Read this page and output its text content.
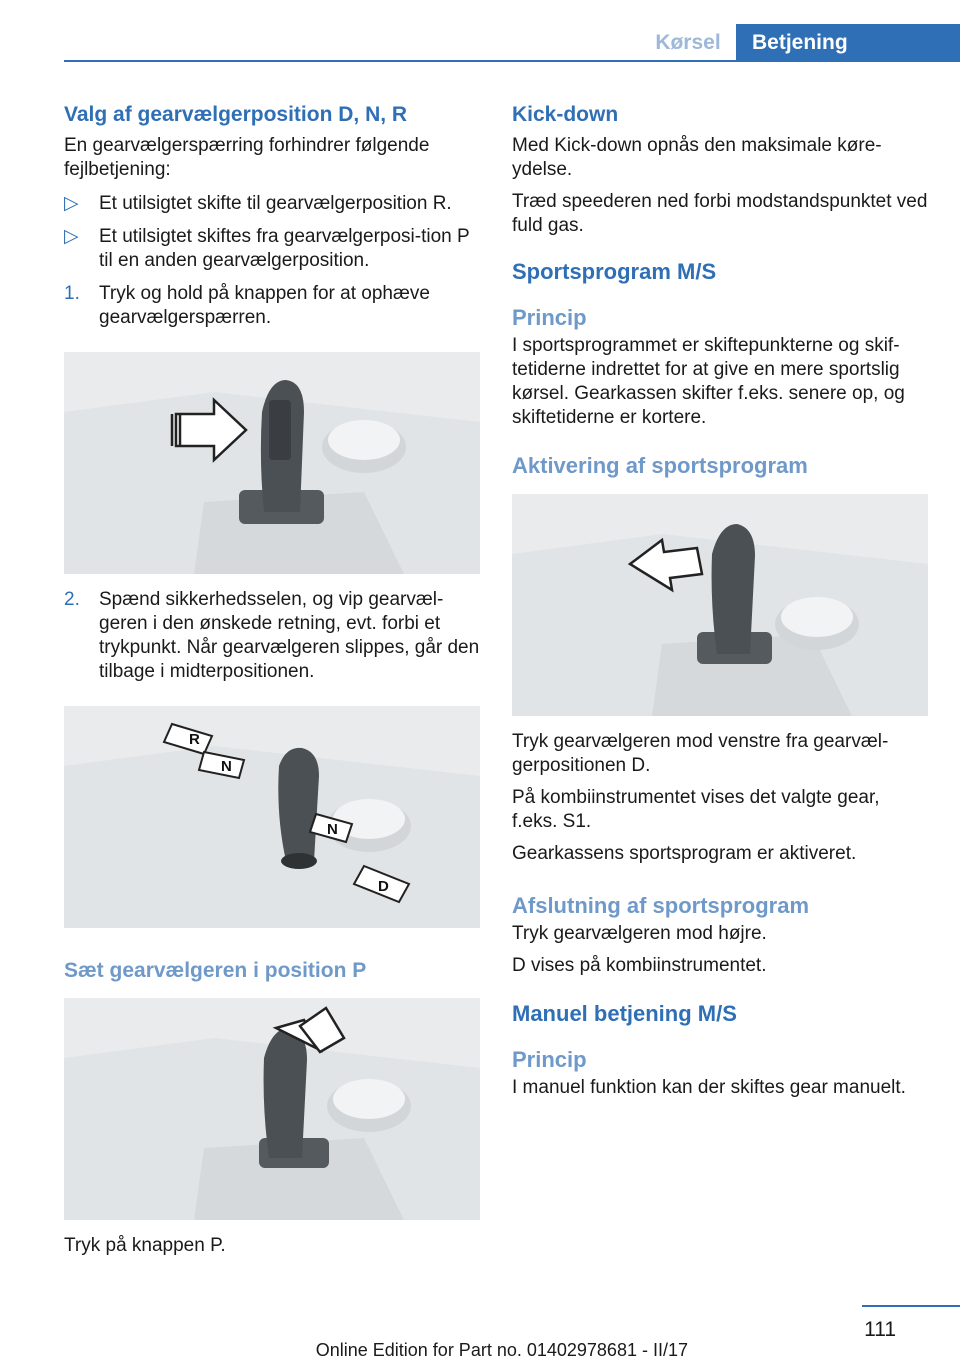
Kørsel	Betjening
Valg af gearvælgerposition D, N, R

En gearvælgerspærring forhindrer følgende fejlbetjening:

▷ Et utilsigtet skifte til gearvælgerposition R.
▷ Et utilsigtet skiftes fra gearvælgerposi-tion P til en anden gearvælgerposition.
1. Tryk og hold på knappen for at ophæve gearvælgerspærren.
2. Spænd sikkerhedsselen, og vip gearvæl-geren i den ønskede retning, evt. forbi et trykpunkt. Når gearvælgeren slippes, går den tilbage i midterpositionen.
R
N
N
D
Sæt gearvælgeren i position P

Tryk på knappen P.

Kick-down

Med Kick-down opnås den maksimale køre-ydelse.

Træd speederen ned forbi modstandspunktet ved fuld gas.

Sportsprogram M/S
Princip

I sportsprogrammet er skiftepunkterne og skif-tetiderne indrettet for at give en mere sportslig kørsel. Gearkassen skifter f.eks. senere op, og skiftetiderne er kortere.

Aktivering af sportsprogram

Tryk gearvælgeren mod venstre fra gearvæl-gerpositionen D.

På kombiinstrumentet vises det valgte gear, f.eks. S1.

Gearkassens sportsprogram er aktiveret.

Afslutning af sportsprogram

Tryk gearvælgeren mod højre.

D vises på kombiinstrumentet.

Manuel betjening M/S
Princip

I manuel funktion kan der skiftes gear manuelt.

111
Online Edition for Part no. 01402978681 - II/17
